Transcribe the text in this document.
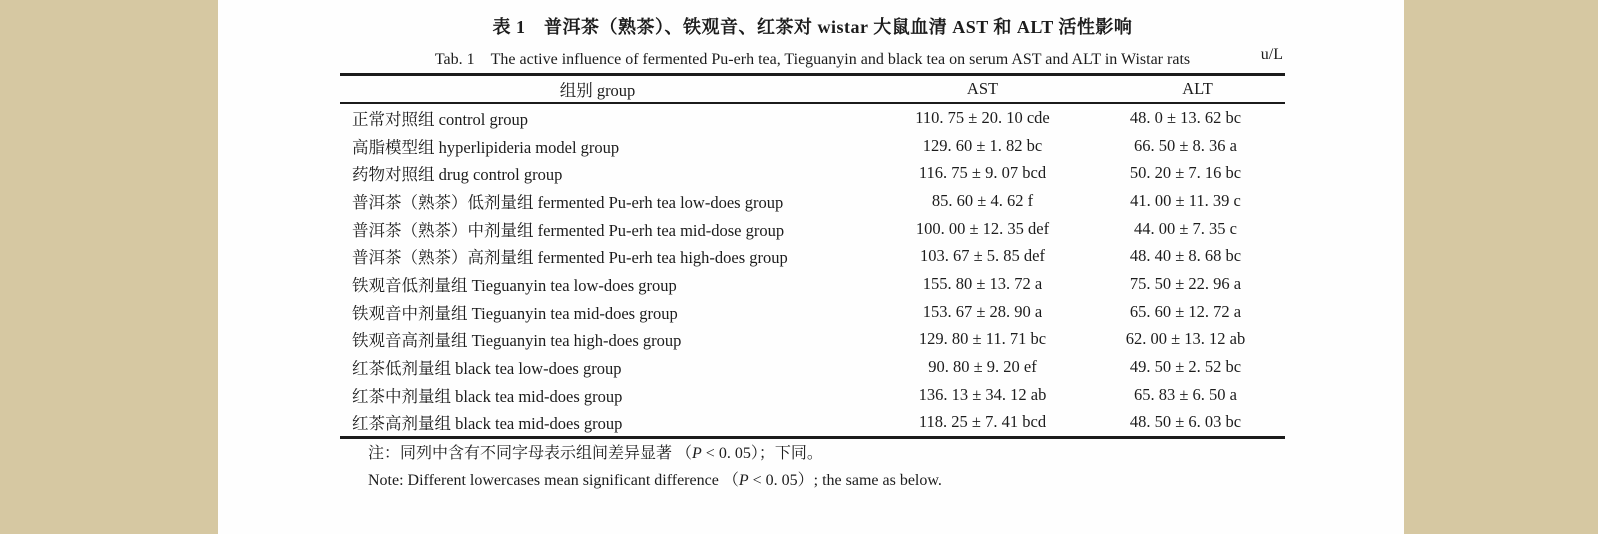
表 1　普洱茶（熟茶）、铁观音、红茶对 wistar 大鼠血清 AST 和 ALT 活性影响
Tab. 1　The active influence of fermented Pu-erh tea, Tieguanyin and black tea on serum AST and ALT in Wistar rats	u/L
组别 group	AST	ALT
正常对照组 control group	110. 75 ± 20. 10 cde	48. 0 ± 13. 62 bc
高脂模型组 hyperlipideria model group	129. 60 ± 1. 82 bc	66. 50 ± 8. 36 a
药物对照组 drug control group	116. 75 ± 9. 07 bcd	50. 20 ± 7. 16 bc
普洱茶（熟茶）低剂量组 fermented Pu-erh tea low-does group	85. 60 ± 4. 62 f	41. 00 ± 11. 39 c
普洱茶（熟茶）中剂量组 fermented Pu-erh tea mid-dose group	100. 00 ± 12. 35 def	44. 00 ± 7. 35 c
普洱茶（熟茶）高剂量组 fermented Pu-erh tea high-does group	103. 67 ± 5. 85 def	48. 40 ± 8. 68 bc
铁观音低剂量组 Tieguanyin tea low-does group	155. 80 ± 13. 72 a	75. 50 ± 22. 96 a
铁观音中剂量组 Tieguanyin tea mid-does group	153. 67 ± 28. 90 a	65. 60 ± 12. 72 a
铁观音高剂量组 Tieguanyin tea high-does group	129. 80 ± 11. 71 bc	62. 00 ± 13. 12 ab
红茶低剂量组 black tea low-does group	90. 80 ± 9. 20 ef	49. 50 ± 2. 52 bc
红茶中剂量组 black tea mid-does group	136. 13 ± 34. 12 ab	65. 83 ± 6. 50 a
红茶高剂量组 black tea mid-does group	118. 25 ± 7. 41 bcd	48. 50 ± 6. 03 bc
注：同列中含有不同字母表示组间差异显著 （P < 0. 05）；下同。
Note: Different lowercases mean significant difference （P < 0. 05）; the same as below.
